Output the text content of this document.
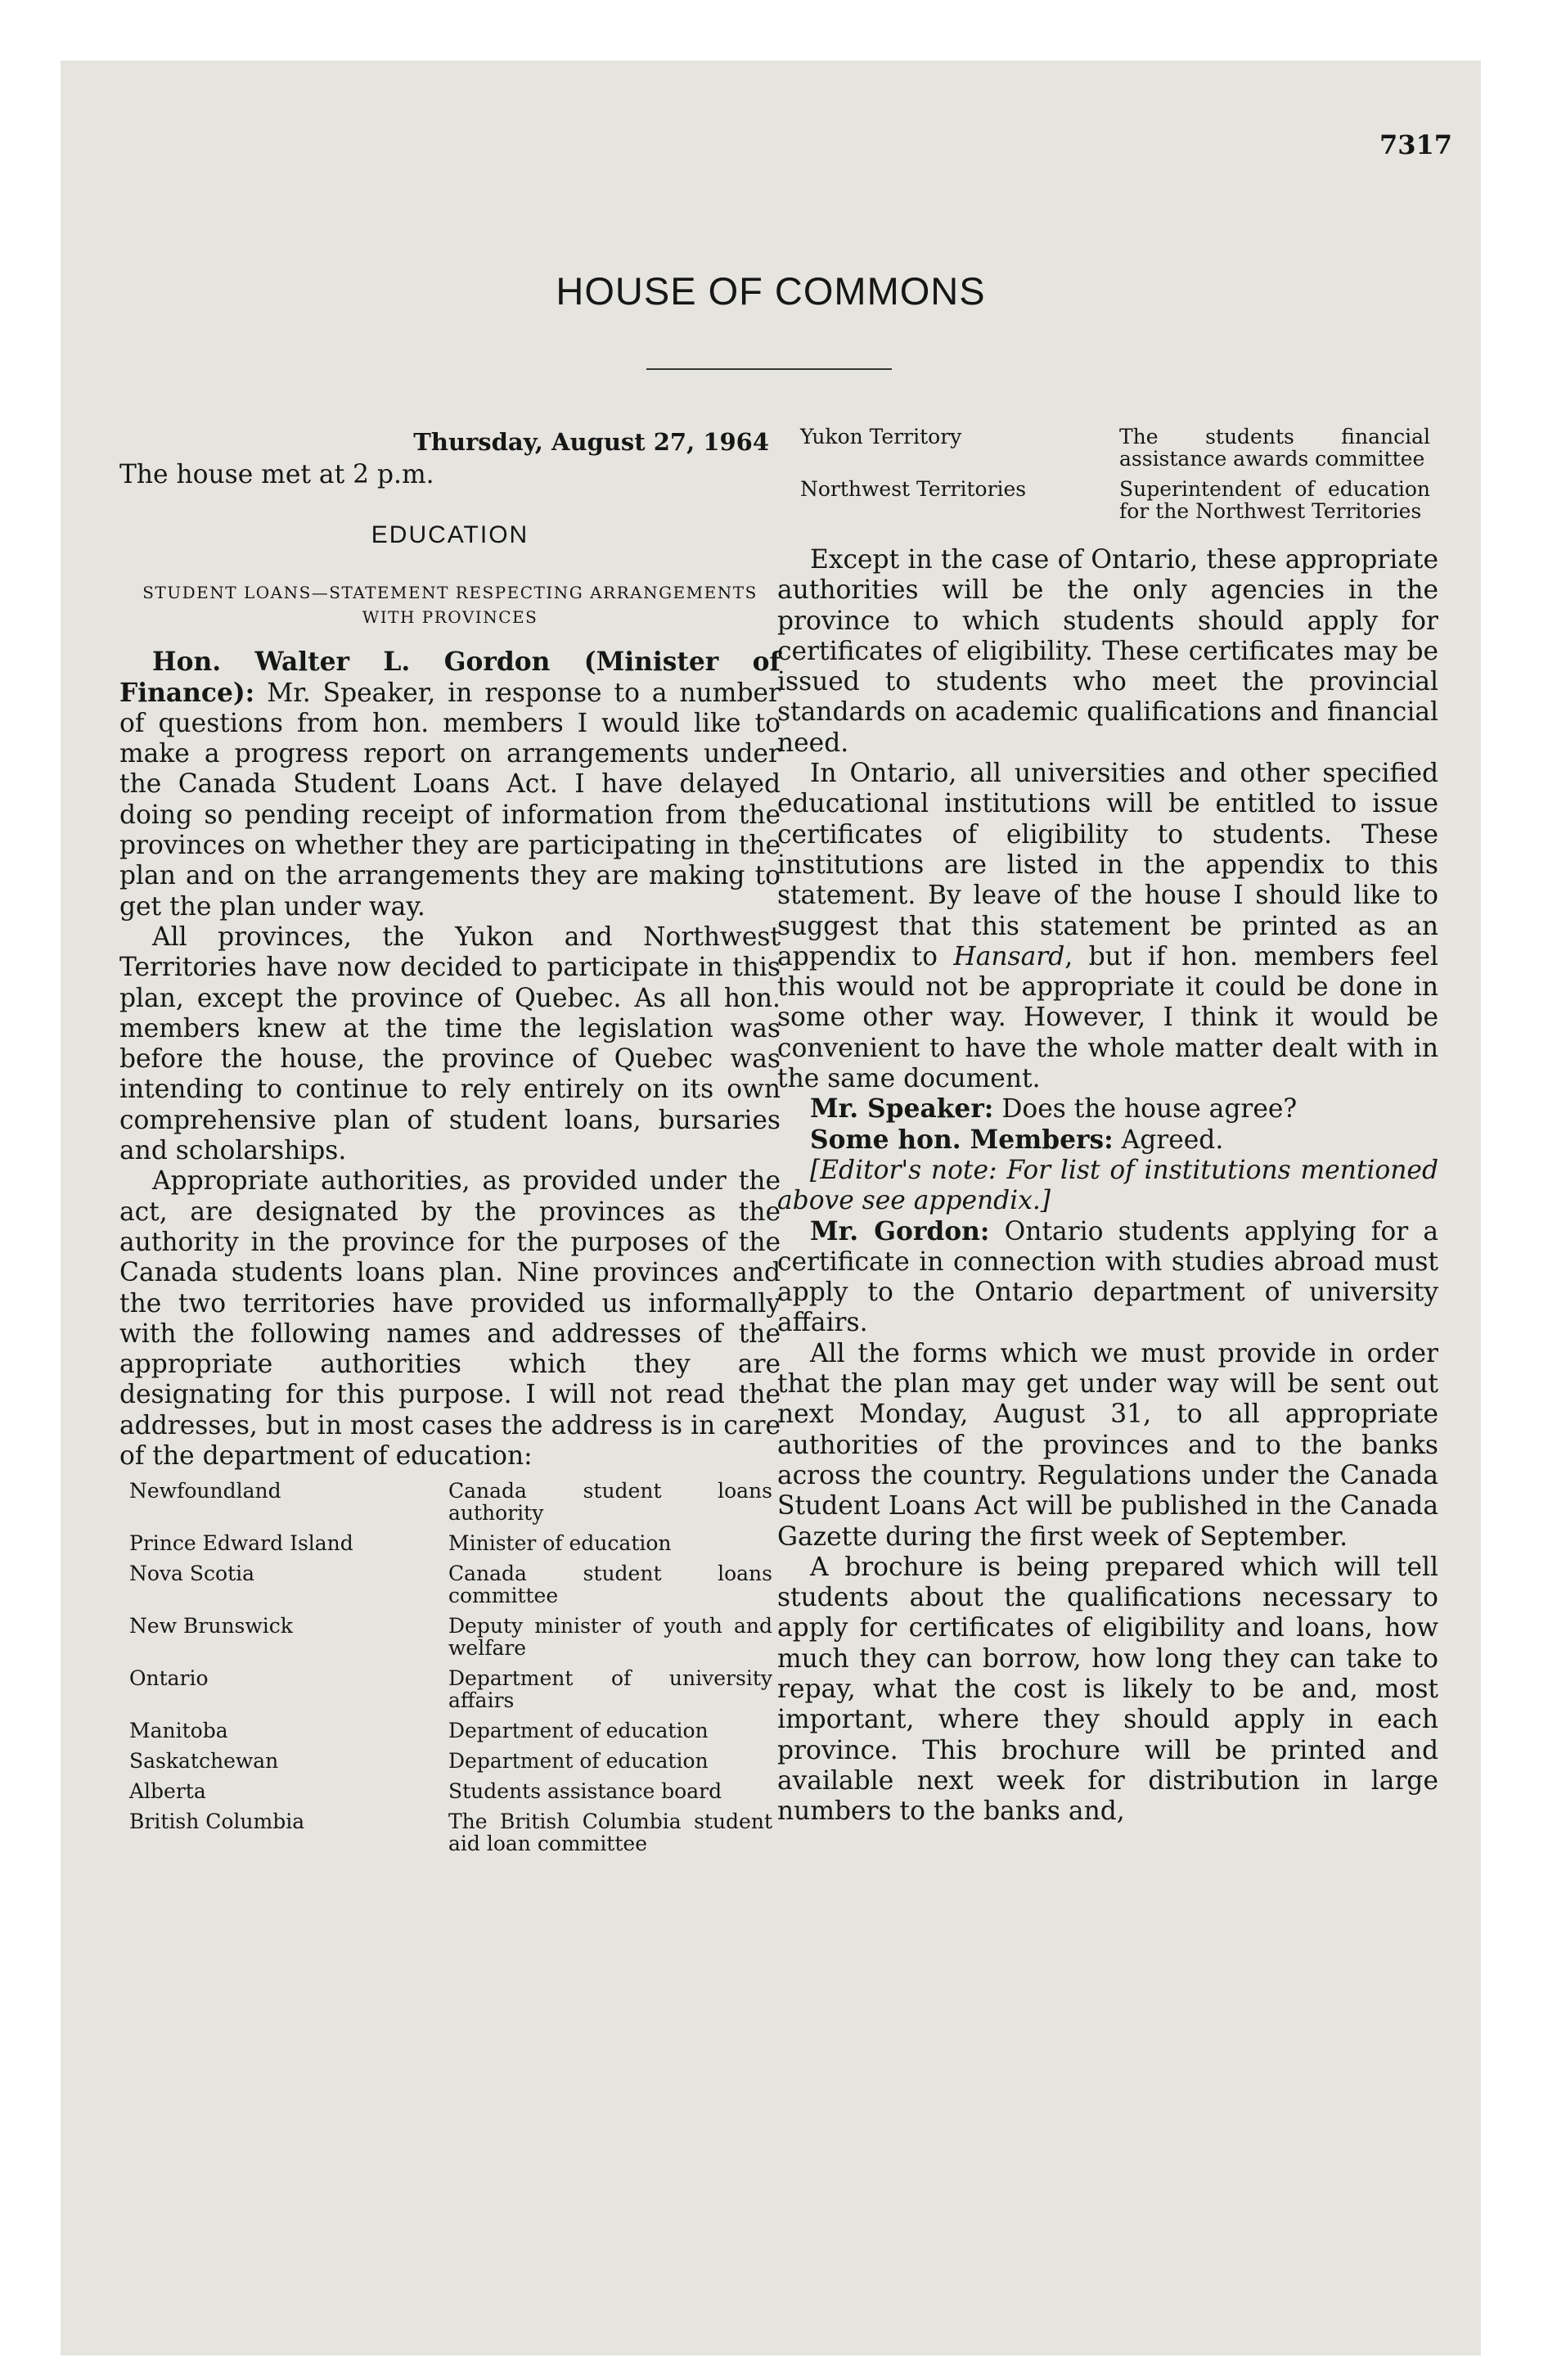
7317
HOUSE OF COMMONS
Thursday, August 27, 1964

The house met at 2 p.m.

EDUCATION
STUDENT LOANS—STATEMENT RESPECTING ARRANGEMENTS WITH PROVINCES

Hon. Walter L. Gordon (Minister of Finance): Mr. Speaker, in response to a number of questions from hon. members I would like to make a progress report on arrangements under the Canada Student Loans Act. I have delayed doing so pending receipt of information from the provinces on whether they are participating in the plan and on the arrangements they are making to get the plan under way.

All provinces, the Yukon and Northwest Territories have now decided to participate in this plan, except the province of Quebec. As all hon. members knew at the time the legislation was before the house, the province of Quebec was intending to continue to rely entirely on its own comprehensive plan of student loans, bursaries and scholarships.

Appropriate authorities, as provided under the act, are designated by the provinces as the authority in the province for the purposes of the Canada students loans plan. Nine provinces and the two territories have provided us informally with the following names and addresses of the appropriate authorities which they are designating for this purpose. I will not read the addresses, but in most cases the address is in care of the department of education:

Newfoundland	Canada student loans authority
Prince Edward Island	Minister of education
Nova Scotia	Canada student loans committee
New Brunswick	Deputy minister of youth and welfare
Ontario	Department of university affairs
Manitoba	Department of education
Saskatchewan	Department of education
Alberta	Students assistance board
British Columbia	The British Columbia student aid loan committee
Yukon Territory	The students financial assistance awards committee
Northwest Territories	Superintendent of education for the Northwest Territories

Except in the case of Ontario, these appropriate authorities will be the only agencies in the province to which students should apply for certificates of eligibility. These certificates may be issued to students who meet the provincial standards on academic qualifications and financial need.

In Ontario, all universities and other specified educational institutions will be entitled to issue certificates of eligibility to students. These institutions are listed in the appendix to this statement. By leave of the house I should like to suggest that this statement be printed as an appendix to Hansard, but if hon. members feel this would not be appropriate it could be done in some other way. However, I think it would be convenient to have the whole matter dealt with in the same document.

Mr. Speaker: Does the house agree?

Some hon. Members: Agreed.

[Editor's note: For list of institutions mentioned above see appendix.]

Mr. Gordon: Ontario students applying for a certificate in connection with studies abroad must apply to the Ontario department of university affairs.

All the forms which we must provide in order that the plan may get under way will be sent out next Monday, August 31, to all appropriate authorities of the provinces and to the banks across the country. Regulations under the Canada Student Loans Act will be published in the Canada Gazette during the first week of September.

A brochure is being prepared which will tell students about the qualifications necessary to apply for certificates of eligibility and loans, how much they can borrow, how long they can take to repay, what the cost is likely to be and, most important, where they should apply in each province. This brochure will be printed and available next week for distribution in large numbers to the banks and,
